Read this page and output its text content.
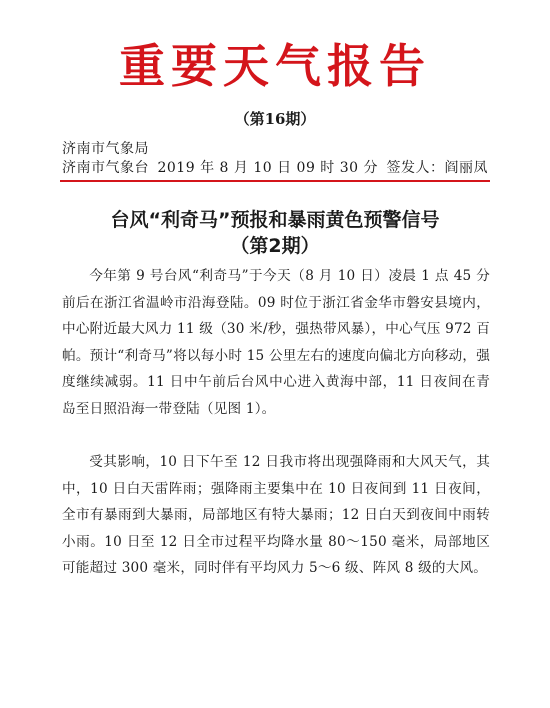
重要天气报告
（第16期）
济南市气象局
济南市气象台 2019 年 8 月 10 日 09 时 30 分 签发人：阎丽凤
台风“利奇马”预报和暴雨黄色预警信号
（第2期）

今年第 9 号台风“利奇马”于今天（8 月 10 日）凌晨 1 点 45 分前后在浙江省温岭市沿海登陆。09 时位于浙江省金华市磐安县境内，中心附近最大风力 11 级（30 米/秒，强热带风暴），中心气压 972 百帕。预计“利奇马”将以每小时 15 公里左右的速度向偏北方向移动，强度继续减弱。11 日中午前后台风中心进入黄海中部，11 日夜间在青岛至日照沿海一带登陆（见图 1）。

受其影响，10 日下午至 12 日我市将出现强降雨和大风天气，其中，10 日白天雷阵雨；强降雨主要集中在 10 日夜间到 11 日夜间，全市有暴雨到大暴雨，局部地区有特大暴雨；12 日白天到夜间中雨转小雨。10 日至 12 日全市过程平均降水量 80～150 毫米，局部地区可能超过 300 毫米，同时伴有平均风力 5～6 级、阵风 8 级的大风。
